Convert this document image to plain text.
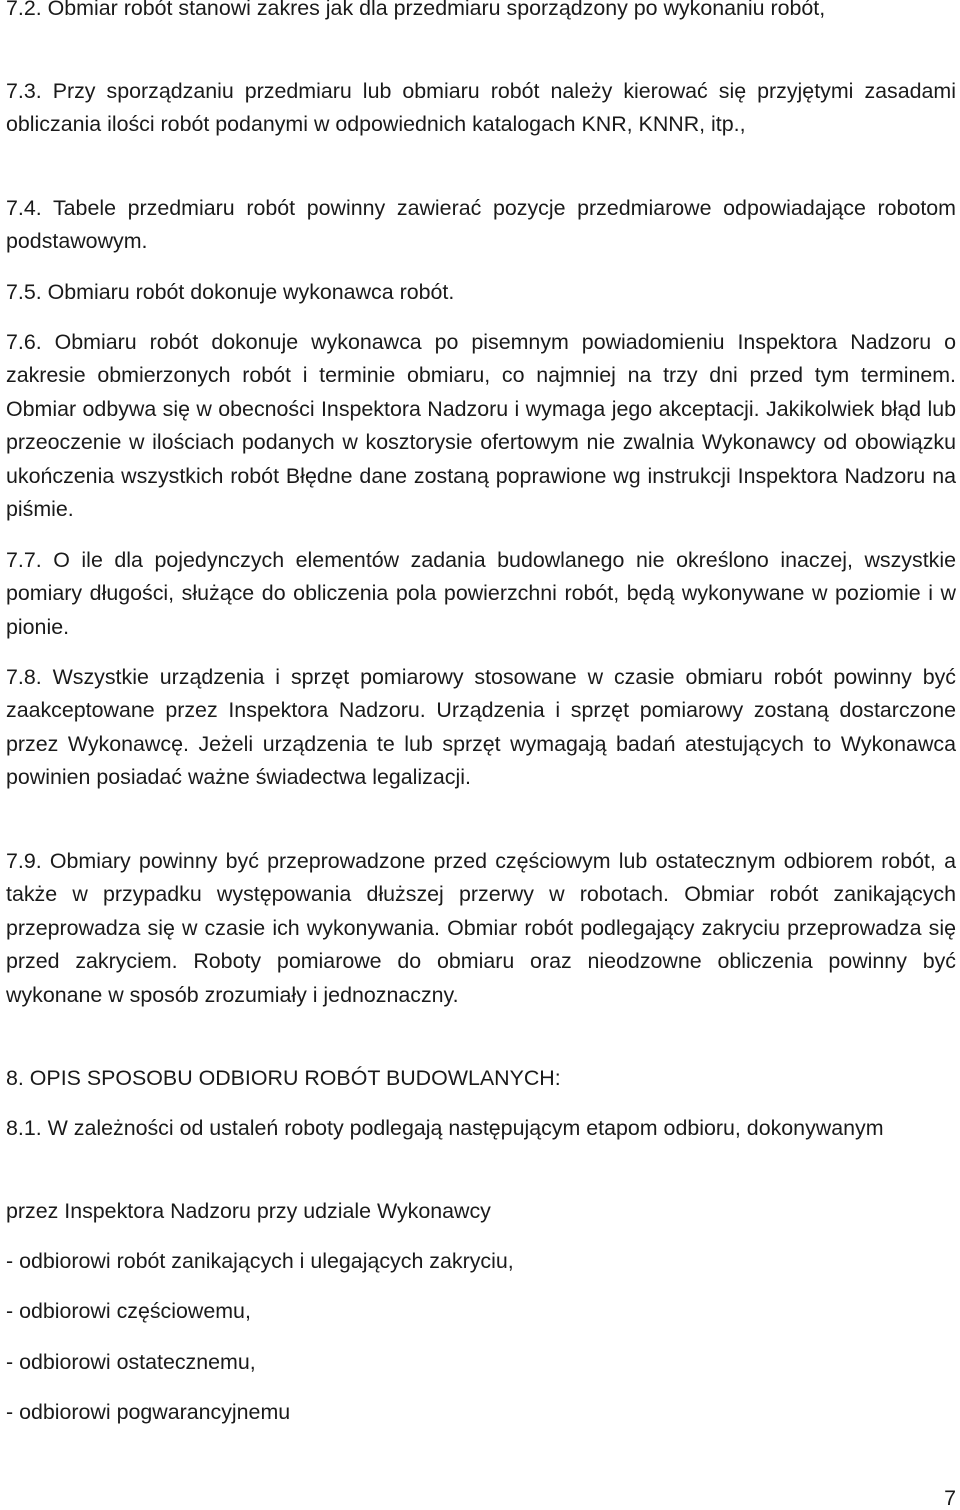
7.2. Obmiar robót stanowi zakres jak dla przedmiaru sporządzony po wykonaniu robót,

7.3. Przy sporządzaniu przedmiaru lub obmiaru robót należy kierować się przyjętymi zasadami obliczania ilości robót podanymi w odpowiednich katalogach KNR, KNNR, itp.,

7.4. Tabele przedmiaru robót powinny zawierać pozycje przedmiarowe odpowiadające robotom podstawowym.

7.5. Obmiaru robót dokonuje wykonawca robót.

7.6. Obmiaru robót dokonuje wykonawca po pisemnym powiadomieniu Inspektora Nadzoru o zakresie obmierzonych robót i terminie obmiaru, co najmniej na trzy dni przed tym terminem. Obmiar odbywa się w obecności Inspektora Nadzoru i wymaga jego akceptacji. Jakikolwiek błąd lub przeoczenie w ilościach podanych w kosztorysie ofertowym nie zwalnia Wykonawcy od obowiązku ukończenia wszystkich robót Błędne dane zostaną poprawione wg instrukcji Inspektora Nadzoru na piśmie.

7.7. O ile dla pojedynczych elementów zadania budowlanego nie określono inaczej, wszystkie pomiary długości, służące do obliczenia pola powierzchni robót, będą wykonywane w poziomie i w pionie.

7.8. Wszystkie urządzenia i sprzęt pomiarowy stosowane w czasie obmiaru robót powinny być zaakceptowane przez Inspektora Nadzoru. Urządzenia i sprzęt pomiarowy zostaną dostarczone przez Wykonawcę. Jeżeli urządzenia te lub sprzęt wymagają badań atestujących to Wykonawca powinien posiadać ważne świadectwa legalizacji.

7.9. Obmiary powinny być przeprowadzone przed częściowym lub ostatecznym odbiorem robót, a także w przypadku występowania dłuższej przerwy w robotach. Obmiar robót zanikających przeprowadza się w czasie ich wykonywania. Obmiar robót podlegający zakryciu przeprowadza się przed zakryciem. Roboty pomiarowe do obmiaru oraz nieodzowne obliczenia powinny być wykonane w sposób zrozumiały i jednoznaczny.

8. OPIS SPOSOBU ODBIORU ROBÓT BUDOWLANYCH:

8.1. W zależności od ustaleń roboty podlegają następującym etapom odbioru, dokonywanym

przez Inspektora Nadzoru przy udziale Wykonawcy

- odbiorowi robót zanikających i ulegających zakryciu,

- odbiorowi częściowemu,

- odbiorowi ostatecznemu,

- odbiorowi pogwarancyjnemu

7
